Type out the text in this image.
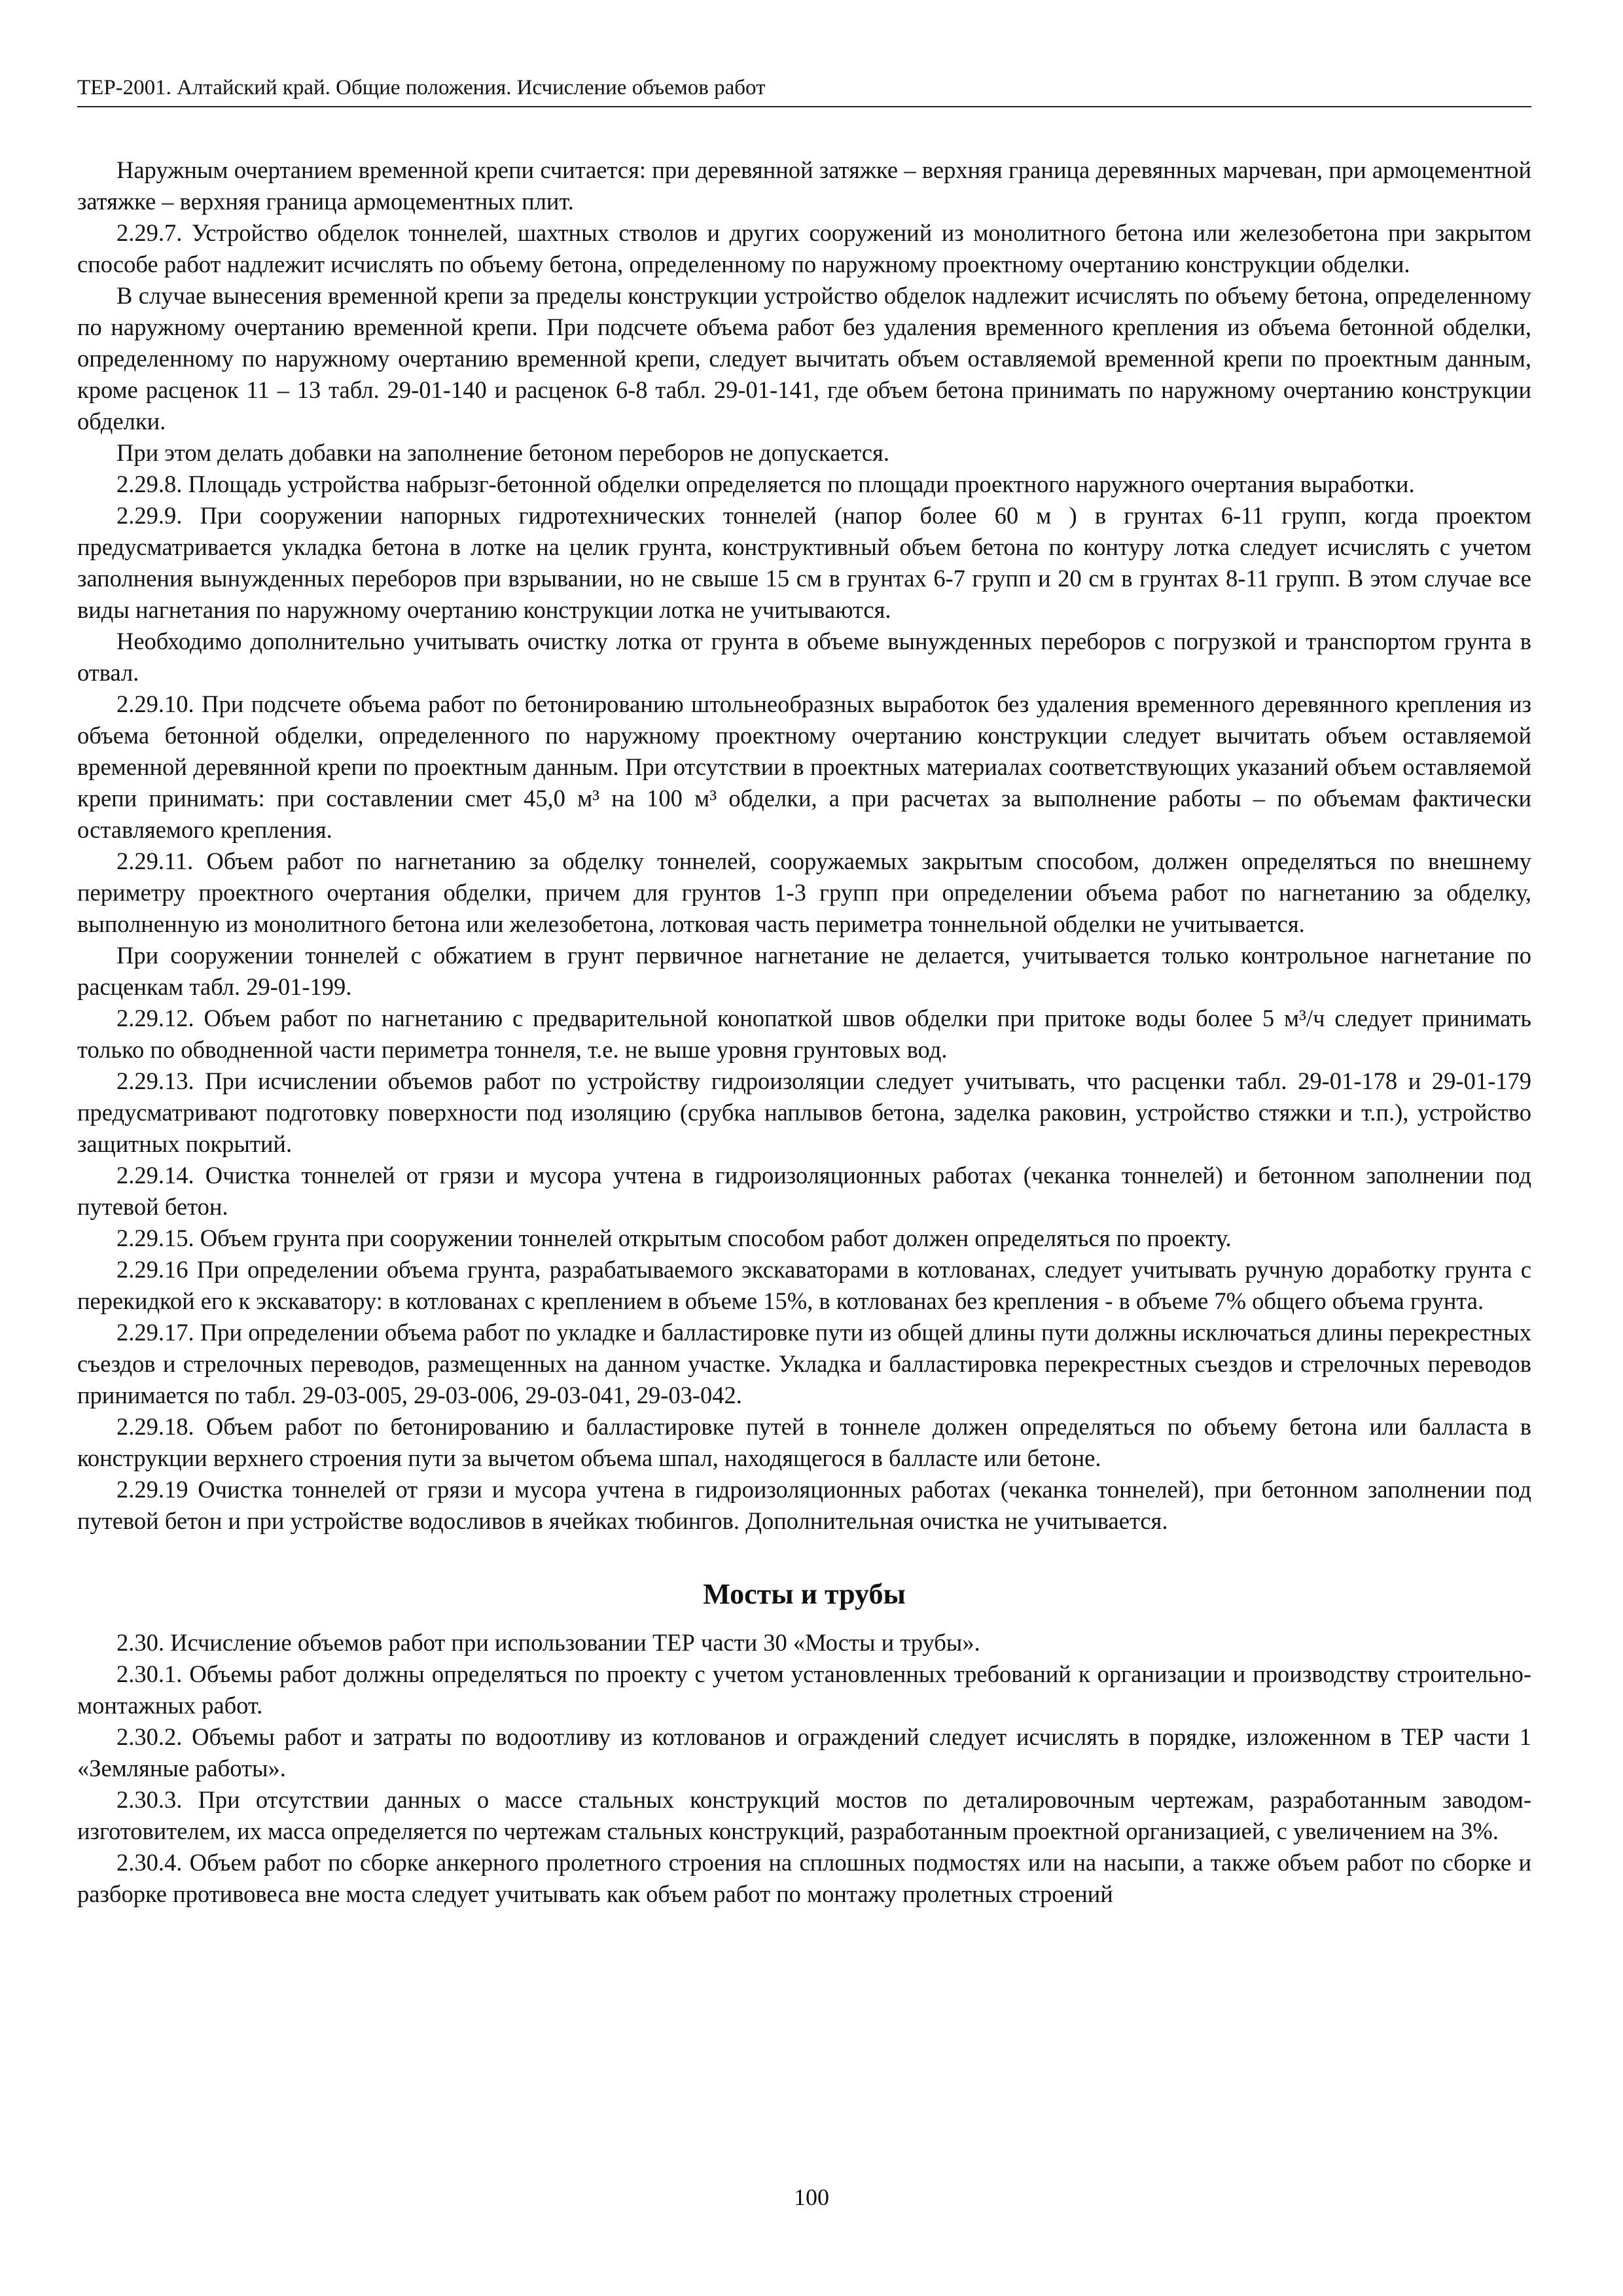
ТЕР-2001. Алтайский край. Общие положения. Исчисление объемов работ

Наружным очертанием временной крепи считается: при деревянной затяжке – верхняя граница деревянных марчеван, при армоцементной затяжке – верхняя граница армоцементных плит.

2.29.7. Устройство обделок тоннелей, шахтных стволов и других сооружений из монолитного бетона или железобетона при закрытом способе работ надлежит исчислять по объему бетона, определенному по наружному проектному очертанию конструкции обделки.

В случае вынесения временной крепи за пределы конструкции устройство обделок надлежит исчислять по объему бетона, определенному по наружному очертанию временной крепи. При подсчете объема работ без удаления временного крепления из объема бетонной обделки, определенному по наружному очертанию временной крепи, следует вычитать объем оставляемой временной крепи по проектным данным, кроме расценок 11 – 13 табл. 29-01-140 и расценок 6-8 табл. 29-01-141, где объем бетона принимать по наружному очертанию конструкции обделки.

При этом делать добавки на заполнение бетоном переборов не допускается.

2.29.8. Площадь устройства набрызг-бетонной обделки определяется по площади проектного наружного очертания выработки.

2.29.9. При сооружении напорных гидротехнических тоннелей (напор более 60 м ) в грунтах 6-11 групп, когда проектом предусматривается укладка бетона в лотке на целик грунта, конструктивный объем бетона по контуру лотка следует исчислять с учетом заполнения вынужденных переборов при взрывании, но не свыше 15 см в грунтах 6-7 групп и 20 см в грунтах 8-11 групп. В этом случае все виды нагнетания по наружному очертанию конструкции лотка не учитываются.

Необходимо дополнительно учитывать очистку лотка от грунта в объеме вынужденных переборов с погрузкой и транспортом грунта в отвал.

2.29.10. При подсчете объема работ по бетонированию штольнеобразных выработок без удаления временного деревянного крепления из объема бетонной обделки, определенного по наружному проектному очертанию конструкции следует вычитать объем оставляемой временной деревянной крепи по проектным данным. При отсутствии в проектных материалах соответствующих указаний объем оставляемой крепи принимать: при составлении смет 45,0 м³ на 100 м³ обделки, а при расчетах за выполнение работы – по объемам фактически оставляемого крепления.

2.29.11. Объем работ по нагнетанию за обделку тоннелей, сооружаемых закрытым способом, должен определяться по внешнему периметру проектного очертания обделки, причем для грунтов 1-3 групп при определении объема работ по нагнетанию за обделку, выполненную из монолитного бетона или железобетона, лотковая часть периметра тоннельной обделки не учитывается.

При сооружении тоннелей с обжатием в грунт первичное нагнетание не делается, учитывается только контрольное нагнетание по расценкам табл. 29-01-199.

2.29.12. Объем работ по нагнетанию с предварительной конопаткой швов обделки при притоке воды более 5 м³/ч следует принимать только по обводненной части периметра тоннеля, т.е. не выше уровня грунтовых вод.

2.29.13. При исчислении объемов работ по устройству гидроизоляции следует учитывать, что расценки табл. 29-01-178 и 29-01-179 предусматривают подготовку поверхности под изоляцию (срубка наплывов бетона, заделка раковин, устройство стяжки и т.п.), устройство защитных покрытий.

2.29.14. Очистка тоннелей от грязи и мусора учтена в гидроизоляционных работах (чеканка тоннелей) и бетонном заполнении под путевой бетон.

2.29.15. Объем грунта при сооружении тоннелей открытым способом работ должен определяться по проекту.

2.29.16 При определении объема грунта, разрабатываемого экскаваторами в котлованах, следует учитывать ручную доработку грунта с перекидкой его к экскаватору: в котлованах с креплением в объеме 15%, в котлованах без крепления - в объеме 7% общего объема грунта.

2.29.17. При определении объема работ по укладке и балластировке пути из общей длины пути должны исключаться длины перекрестных съездов и стрелочных переводов, размещенных на данном участке. Укладка и балластировка перекрестных съездов и стрелочных переводов принимается по табл. 29-03-005, 29-03-006, 29-03-041, 29-03-042.

2.29.18. Объем работ по бетонированию и балластировке путей в тоннеле должен определяться по объему бетона или балласта в конструкции верхнего строения пути за вычетом объема шпал, находящегося в балласте или бетоне.

2.29.19 Очистка тоннелей от грязи и мусора учтена в гидроизоляционных работах (чеканка тоннелей), при бетонном заполнении под путевой бетон и при устройстве водосливов в ячейках тюбингов. Дополнительная очистка не учитывается.

Мосты и трубы

2.30. Исчисление объемов работ при использовании ТЕР части 30 «Мосты и трубы».

2.30.1. Объемы работ должны определяться по проекту с учетом установленных требований к организации и производству строительно-монтажных работ.

2.30.2. Объемы работ и затраты по водоотливу из котлованов и ограждений следует исчислять в порядке, изложенном в ТЕР части 1 «Земляные работы».

2.30.3. При отсутствии данных о массе стальных конструкций мостов по деталировочным чертежам, разработанным заводом-изготовителем, их масса определяется по чертежам стальных конструкций, разработанным проектной организацией, с увеличением на 3%.

2.30.4. Объем работ по сборке анкерного пролетного строения на сплошных подмостях или на насыпи, а также объем работ по сборке и разборке противовеса вне моста следует учитывать как объем работ по монтажу пролетных строений

100
